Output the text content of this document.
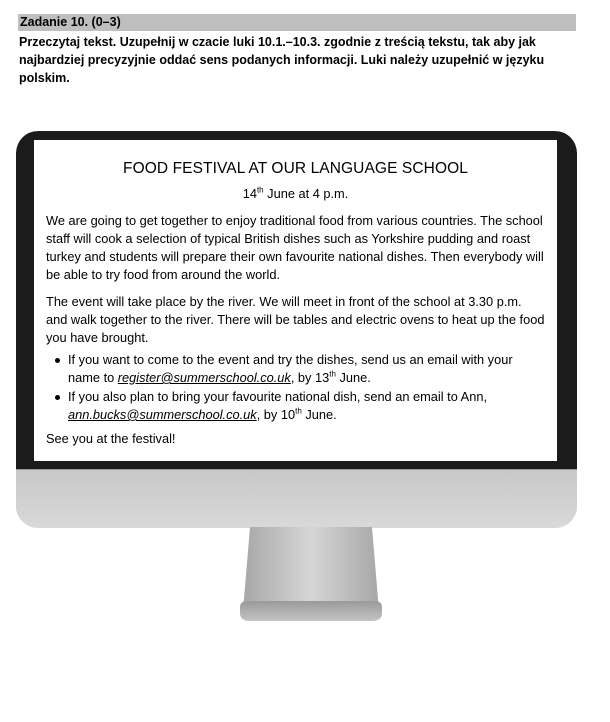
Zadanie 10. (0–3)

Przeczytaj tekst. Uzupełnij w czacie luki 10.1.–10.3. zgodnie z treścią tekstu, tak aby jak najbardziej precyzyjnie oddać sens podanych informacji. Luki należy uzupełnić w języku polskim.

FOOD FESTIVAL AT OUR LANGUAGE SCHOOL
14th June at 4 p.m.

We are going to get together to enjoy traditional food from various countries. The school staff will cook a selection of typical British dishes such as Yorkshire pudding and roast turkey and students will prepare their own favourite national dishes. Then everybody will be able to try food from around the world.

The event will take place by the river. We will meet in front of the school at 3.30 p.m. and walk together to the river. There will be tables and electric ovens to heat up the food you have brought.

If you want to come to the event and try the dishes, send us an email with your name to register@summerschool.co.uk, by 13th June.
If you also plan to bring your favourite national dish, send an email to Ann, ann.bucks@summerschool.co.uk, by 10th June.
See you at the festival!
